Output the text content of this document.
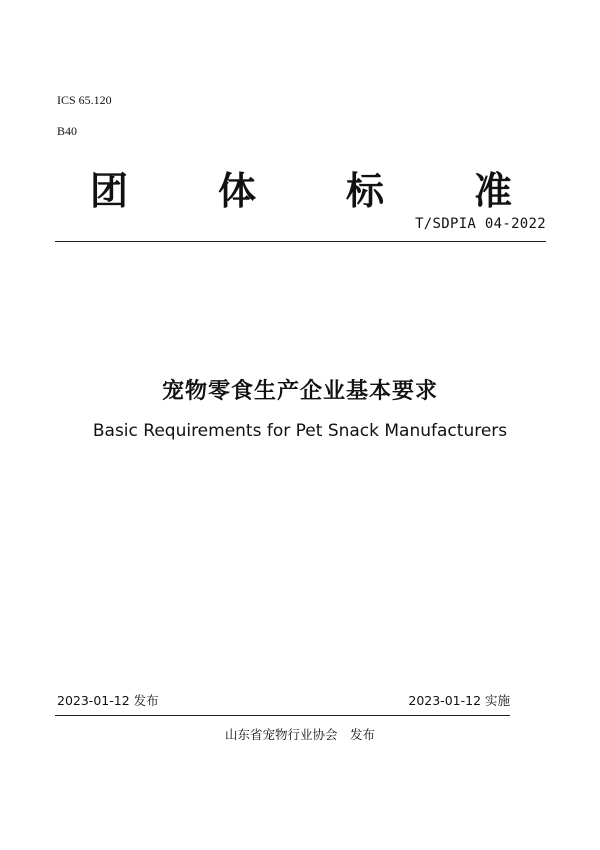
ICS 65.120
B40
团 体 标 准
T/SDPIA 04-2022
宠物零食生产企业基本要求
Basic Requirements for Pet Snack Manufacturers
2023-01-12 发布	2023-01-12 实施
山东省宠物行业协会　发布
